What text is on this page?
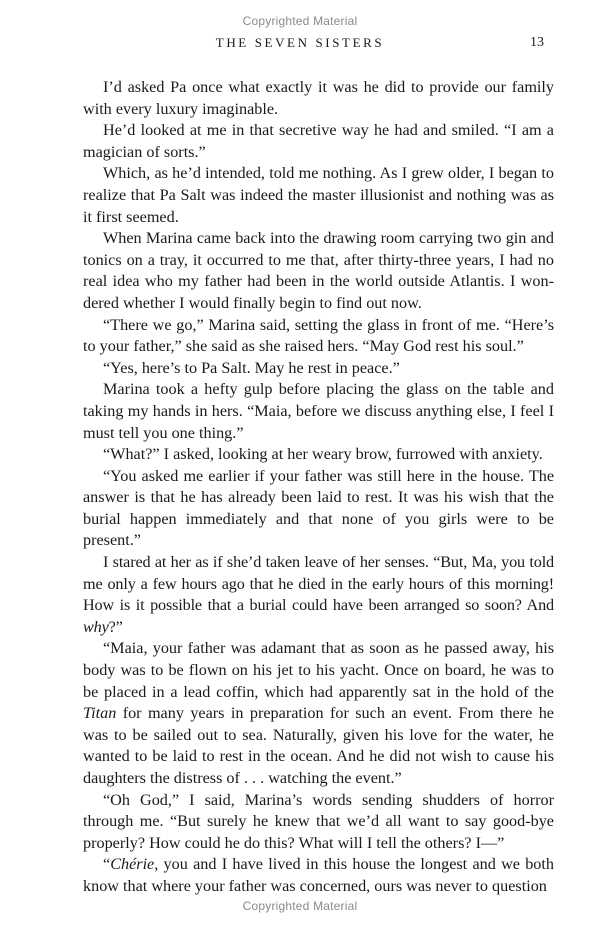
Copyrighted Material
THE SEVEN SISTERS	13

I’d asked Pa once what exactly it was he did to provide our family with every luxury imaginable.

He’d looked at me in that secretive way he had and smiled. “I am a magician of sorts.”

Which, as he’d intended, told me nothing. As I grew older, I began to realize that Pa Salt was indeed the master illusionist and nothing was as it first seemed.

When Marina came back into the drawing room carrying two gin and tonics on a tray, it occurred to me that, after thirty-three years, I had no real idea who my father had been in the world outside Atlantis. I wondered whether I would finally begin to find out now.

“There we go,” Marina said, setting the glass in front of me. “Here’s to your father,” she said as she raised hers. “May God rest his soul.”

“Yes, here’s to Pa Salt. May he rest in peace.”

Marina took a hefty gulp before placing the glass on the table and taking my hands in hers. “Maia, before we discuss anything else, I feel I must tell you one thing.”

“What?” I asked, looking at her weary brow, furrowed with anxiety.

“You asked me earlier if your father was still here in the house. The answer is that he has already been laid to rest. It was his wish that the burial happen immediately and that none of you girls were to be present.”

I stared at her as if she’d taken leave of her senses. “But, Ma, you told me only a few hours ago that he died in the early hours of this morning! How is it possible that a burial could have been arranged so soon? And why?”

“Maia, your father was adamant that as soon as he passed away, his body was to be flown on his jet to his yacht. Once on board, he was to be placed in a lead coffin, which had apparently sat in the hold of the Titan for many years in preparation for such an event. From there he was to be sailed out to sea. Naturally, given his love for the water, he wanted to be laid to rest in the ocean. And he did not wish to cause his daughters the distress of . . . watching the event.”

“Oh God,” I said, Marina’s words sending shudders of horror through me. “But surely he knew that we’d all want to say good-bye properly? How could he do this? What will I tell the others? I—”

“Chérie, you and I have lived in this house the longest and we both know that where your father was concerned, ours was never to question

Copyrighted Material
